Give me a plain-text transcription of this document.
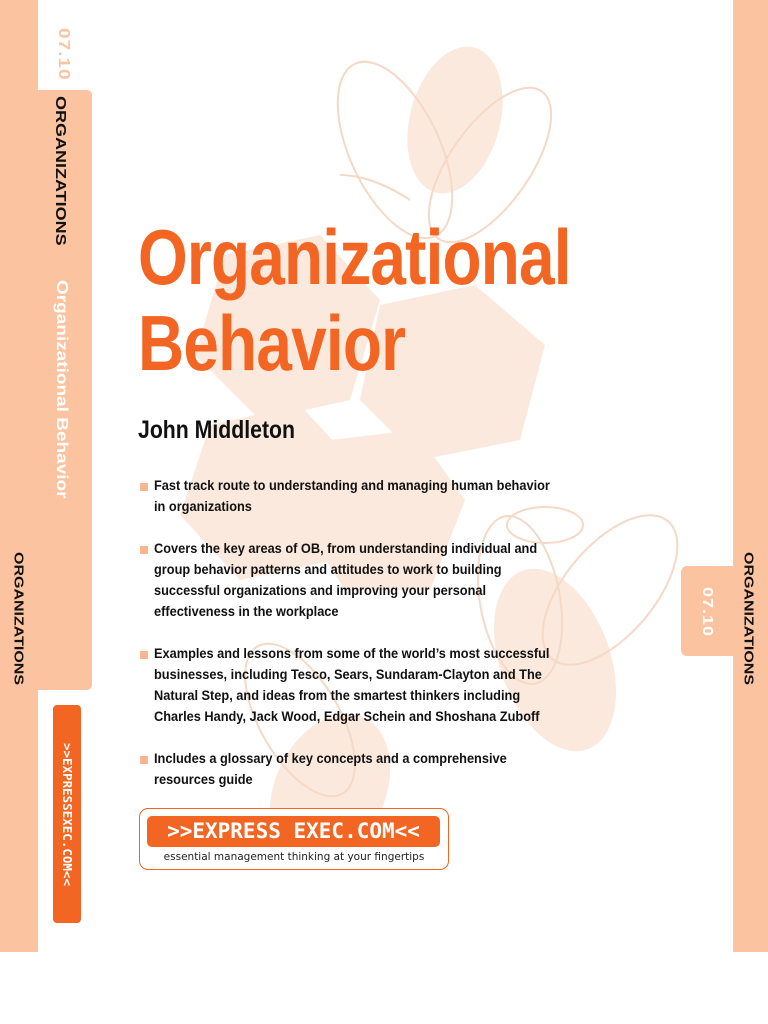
07.10
ORGANIZATIONS
Organizational Behavior
ORGANIZATIONS
>>EXPRESSEXEC.COM<<
ORGANIZATIONS
07.10
Organizational
Behavior
John Middleton
Fast track route to understanding and managing human behavior
in organizations
Covers the key areas of OB, from understanding individual and
group behavior patterns and attitudes to work to building
successful organizations and improving your personal
effectiveness in the workplace
Examples and lessons from some of the world’s most successful
businesses, including Tesco, Sears, Sundaram-Clayton and The
Natural Step, and ideas from the smartest thinkers including
Charles Handy, Jack Wood, Edgar Schein and Shoshana Zuboff
Includes a glossary of key concepts and a comprehensive
resources guide
>>EXPRESS EXEC.COM<<
essential management thinking at your fingertips
